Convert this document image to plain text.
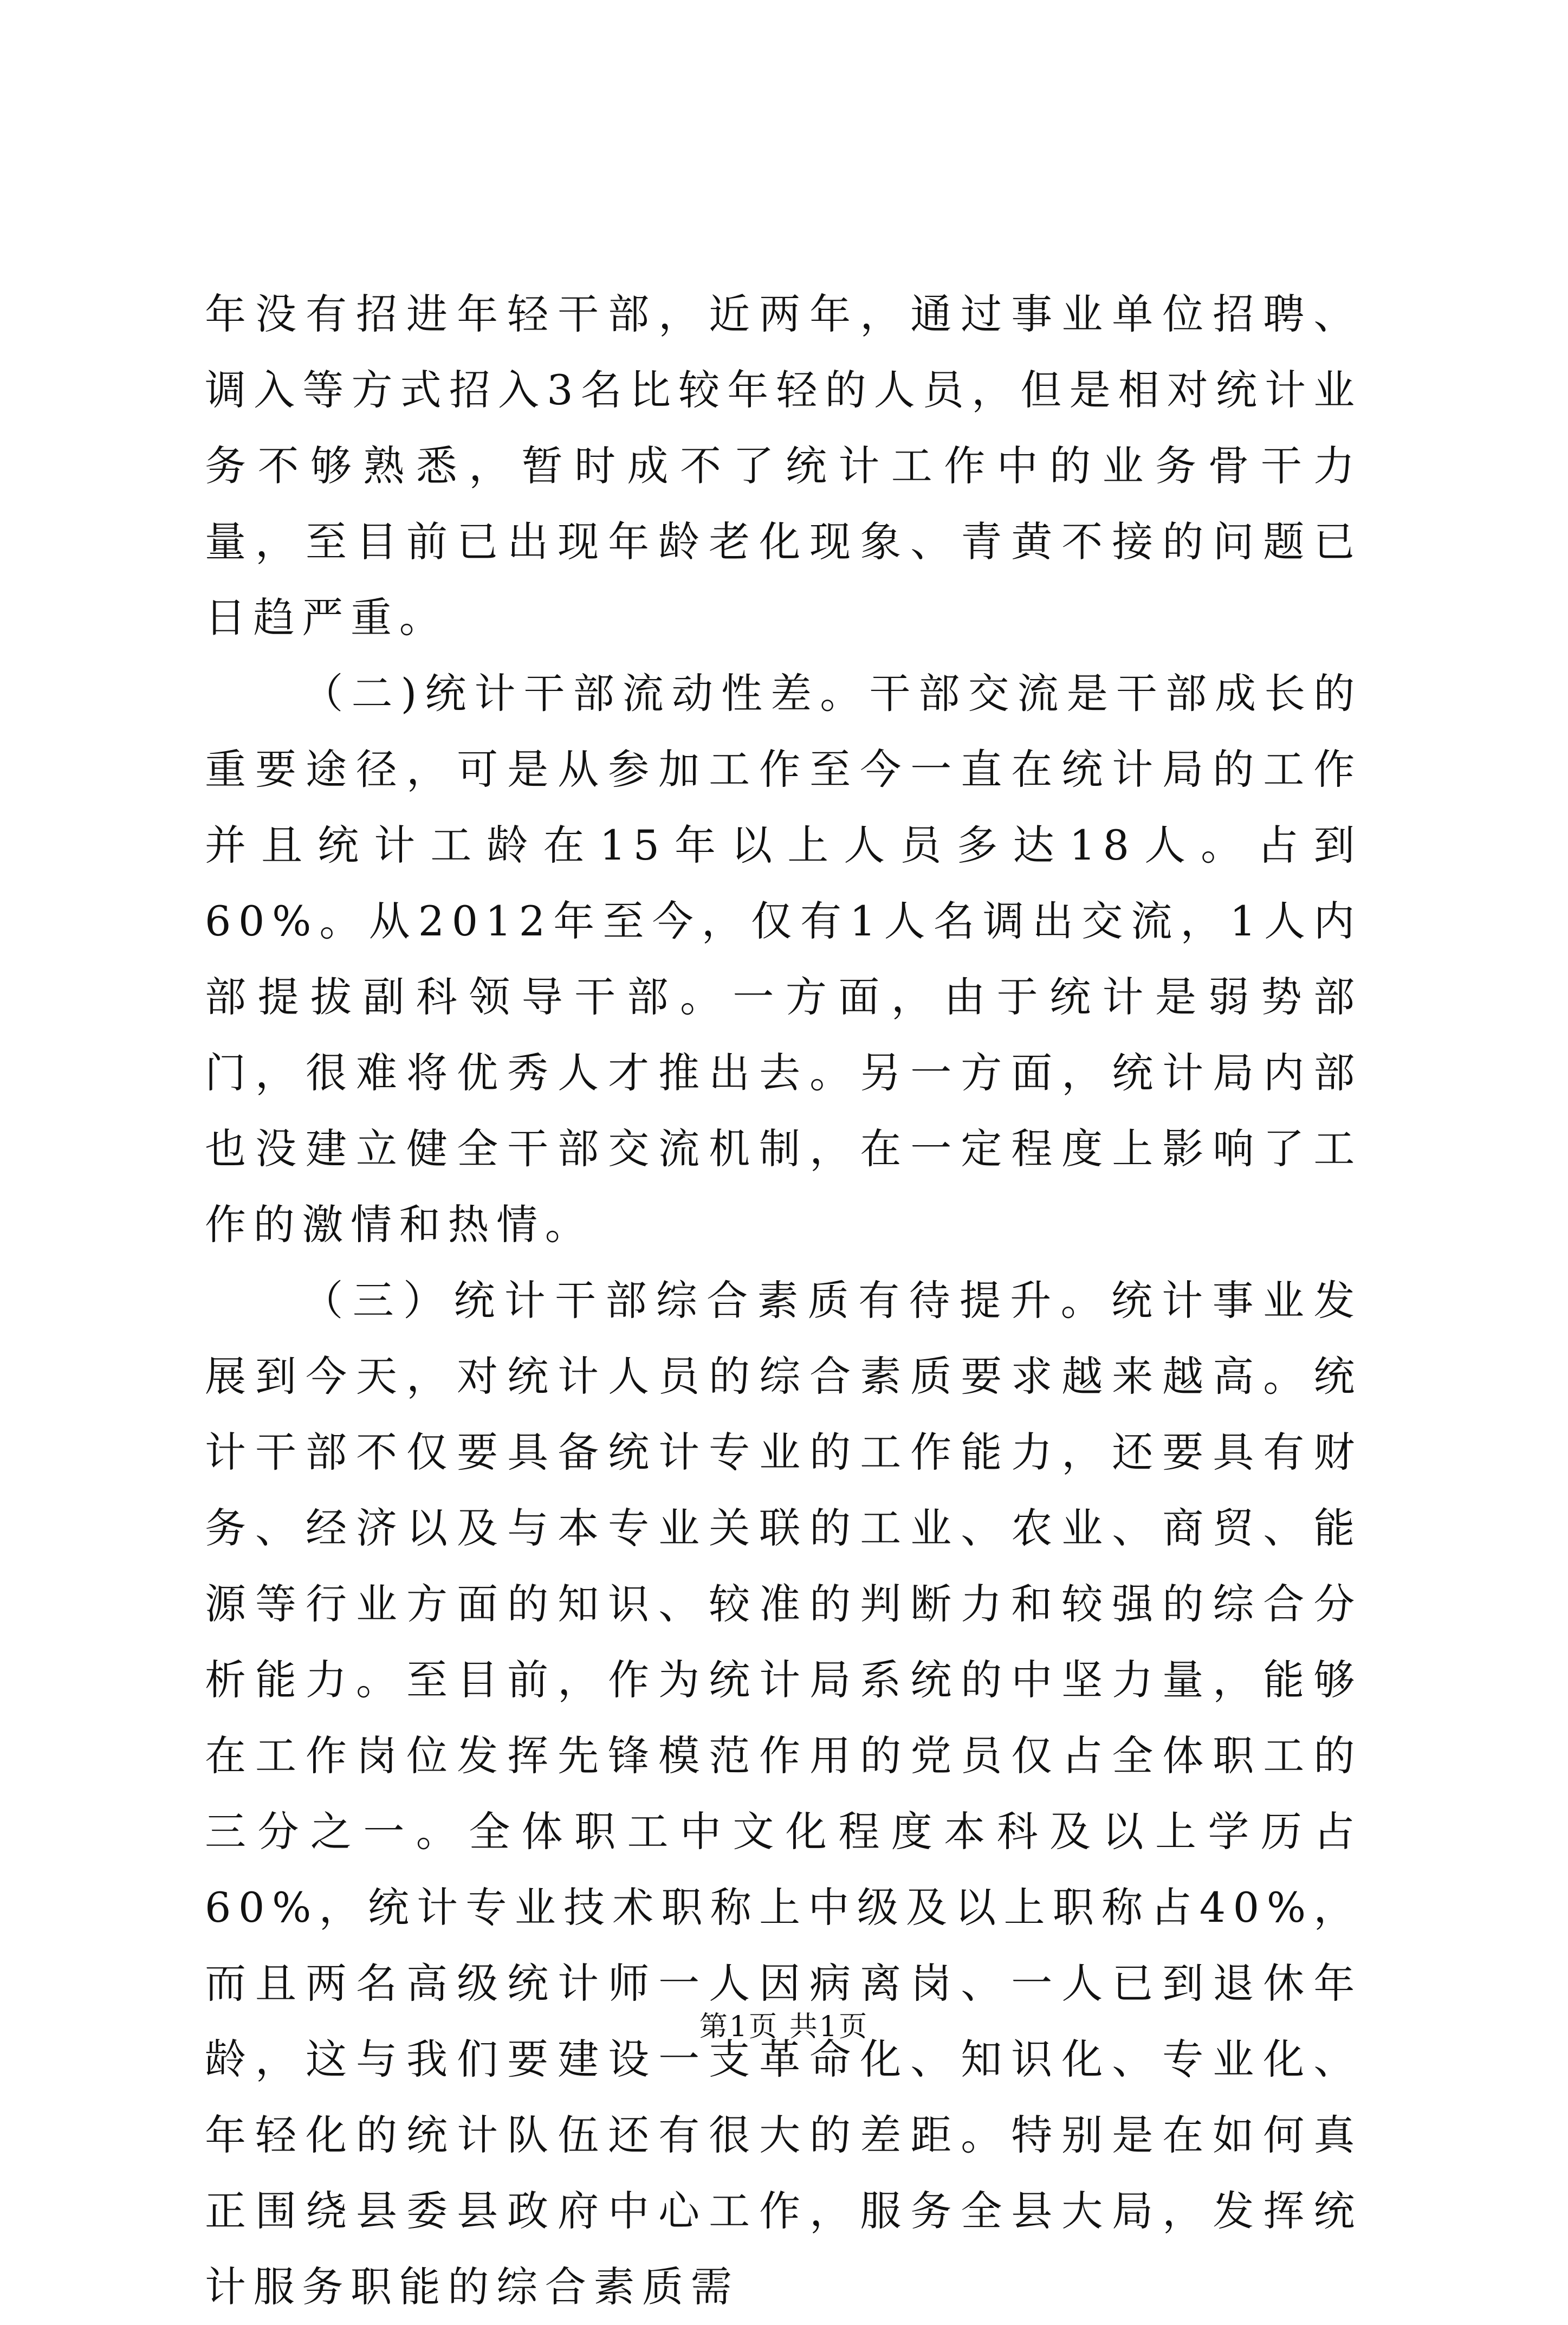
年没有招进年轻干部，近两年，通过事业单位招聘、调入等方式招入3名比较年轻的人员，但是相对统计业务不够熟悉，暂时成不了统计工作中的业务骨干力量，至目前已出现年龄老化现象、青黄不接的问题已日趋严重。

（二)统计干部流动性差。干部交流是干部成长的重要途径，可是从参加工作至今一直在统计局的工作并且统计工龄在15年以上人员多达18人。占到60%。从2012年至今，仅有1人名调出交流，1人内部提拔副科领导干部。一方面，由于统计是弱势部门，很难将优秀人才推出去。另一方面，统计局内部也没建立健全干部交流机制，在一定程度上影响了工作的激情和热情。

（三）统计干部综合素质有待提升。统计事业发展到今天，对统计人员的综合素质要求越来越高。统计干部不仅要具备统计专业的工作能力，还要具有财务、经济以及与本专业关联的工业、农业、商贸、能源等行业方面的知识、较准的判断力和较强的综合分析能力。至目前，作为统计局系统的中坚力量，能够在工作岗位发挥先锋模范作用的党员仅占全体职工的三分之一。全体职工中文化程度本科及以上学历占60%，统计专业技术职称上中级及以上职称占40%，而且两名高级统计师一人因病离岗、一人已到退休年龄，这与我们要建设一支革命化、知识化、专业化、年轻化的统计队伍还有很大的差距。特别是在如何真正围绕县委县政府中心工作，服务全县大局，发挥统计服务职能的综合素质需

第1页 共1页
